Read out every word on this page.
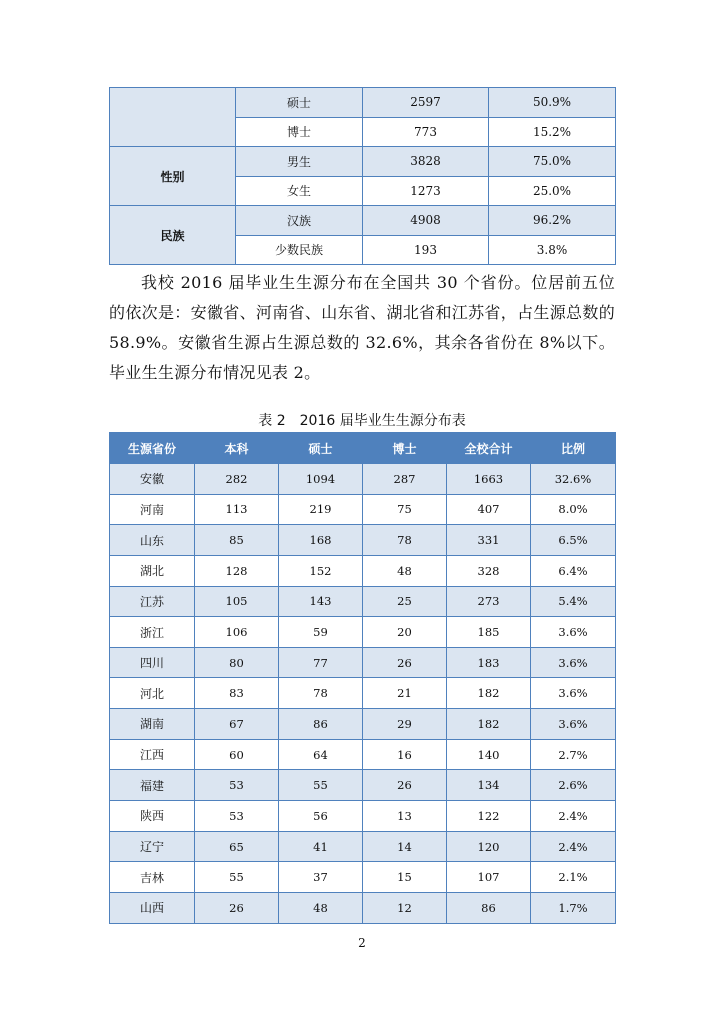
	硕士	2597	50.9%
	博士	773	15.2%
性别	男生	3828	75.0%
	女生	1273	25.0%
民族	汉族	4908	96.2%
	少数民族	193	3.8%

我校 2016 届毕业生生源分布在全国共 30 个省份。位居前五位的依次是：安徽省、河南省、山东省、湖北省和江苏省，占生源总数的 58.9%。安徽省生源占生源总数的 32.6%，其余各省份在 8%以下。毕业生生源分布情况见表 2。

表 2　2016 届毕业生生源分布表
生源省份	本科	硕士	博士	全校合计	比例
安徽	282	1094	287	1663	32.6%
河南	113	219	75	407	8.0%
山东	85	168	78	331	6.5%
湖北	128	152	48	328	6.4%
江苏	105	143	25	273	5.4%
浙江	106	59	20	185	3.6%
四川	80	77	26	183	3.6%
河北	83	78	21	182	3.6%
湖南	67	86	29	182	3.6%
江西	60	64	16	140	2.7%
福建	53	55	26	134	2.6%
陕西	53	56	13	122	2.4%
辽宁	65	41	14	120	2.4%
吉林	55	37	15	107	2.1%
山西	26	48	12	86	1.7%
2
